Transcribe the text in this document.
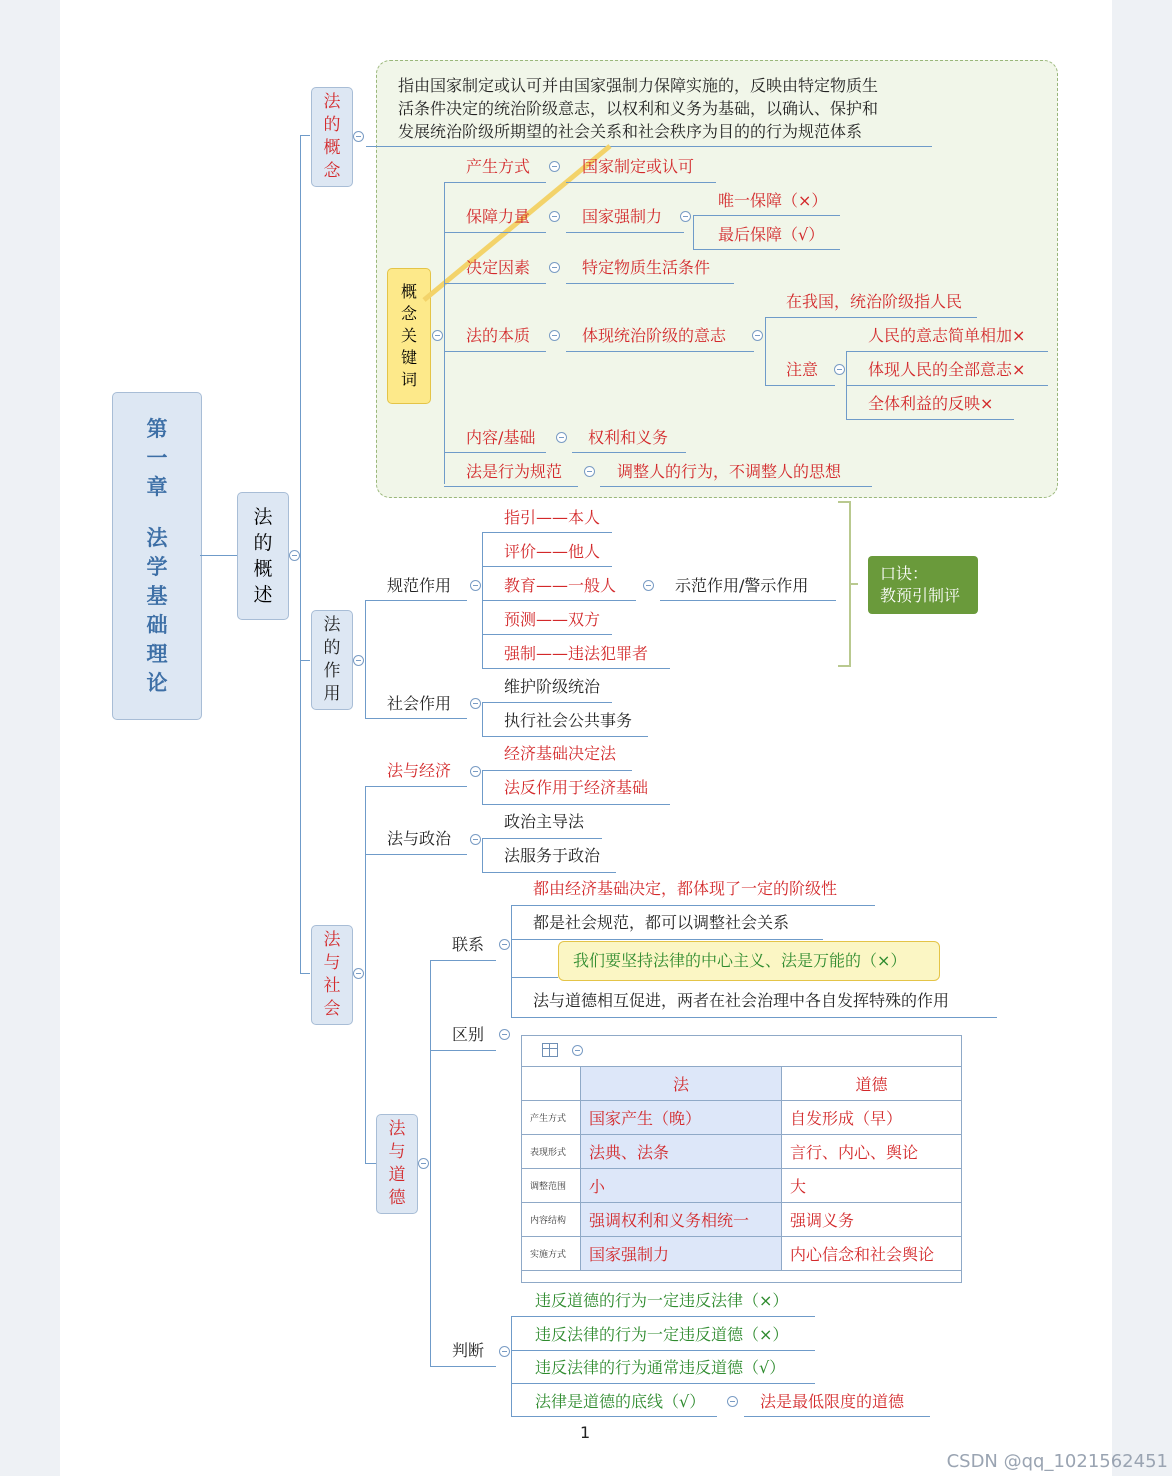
第一章
法学基础理论
法的概述
法的概念
指由国家制定或认可并由国家强制力保障实施的，反映由特定物质生
活条件决定的统治阶级意志，以权利和义务为基础，以确认、保护和
发展统治阶级所期望的社会关系和社会秩序为目的的行为规范体系
概念关键词
产生方式	国家制定或认可
保障力量	国家强制力
唯一保障（×）
最后保障（√）
决定因素	特定物质生活条件
法的本质	体现统治阶级的意志
在我国，统治阶级指人民
注意
人民的意志简单相加×
体现人民的全部意志×
全体利益的反映×
内容/基础	权利和义务
法是行为规范	调整人的行为，不调整人的思想
法的作用
规范作用
指引——本人
评价——他人
教育——一般人	示范作用/警示作用
预测——双方
强制——违法犯罪者
口诀：
教预引制评
社会作用
维护阶级统治
执行社会公共事务
法与社会
法与经济
经济基础决定法
法反作用于经济基础
法与政治
政治主导法
法服务于政治
法与道德
联系
都由经济基础决定，都体现了一定的阶级性
都是社会规范，都可以调整社会关系
我们要坚持法律的中心主义、法是万能的（×）
法与道德相互促进，两者在社会治理中各自发挥特殊的作用
区别
	法	道德
产生方式	国家产生（晚）	自发形成（早）
表现形式	法典、法条	言行、内心、舆论
调整范围	小	大
内容结构	强调权利和义务相统一	强调义务
实施方式	国家强制力	内心信念和社会舆论
判断
违反道德的行为一定违反法律（×）
违反法律的行为一定违反道德（×）
违反法律的行为通常违反道德（√）
法律是道德的底线（√）	法是最低限度的道德
1
CSDN @qq_1021562451
